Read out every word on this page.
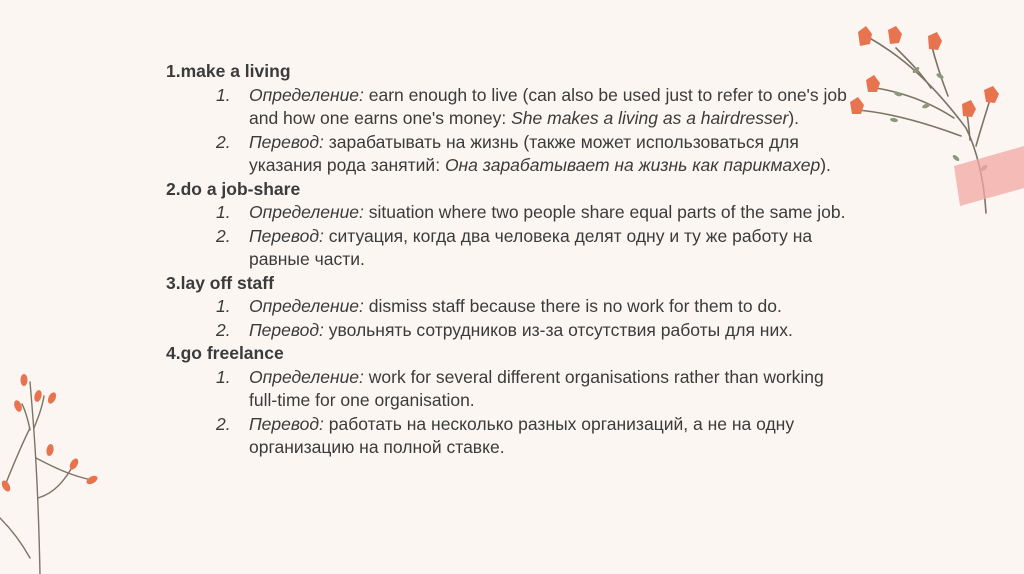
1.make a living
1. Определение: earn enough to live (can also be used just to refer to one's job and how one earns one's money: She makes a living as a hairdresser).
2. Перевод: зарабатывать на жизнь (также может использоваться для указания рода занятий: Она зарабатывает на жизнь как парикмахер).
2.do a job-share
1. Определение: situation where two people share equal parts of the same job.
2. Перевод: ситуация, когда два человека делят одну и ту же работу на равные части.
3.lay off staff
1. Определение: dismiss staff because there is no work for them to do.
2. Перевод: увольнять сотрудников из-за отсутствия работы для них.
4.go freelance
1. Определение: work for several different organisations rather than working full-time for one organisation.
2. Перевод: работать на несколько разных организаций, а не на одну организацию на полной ставке.
